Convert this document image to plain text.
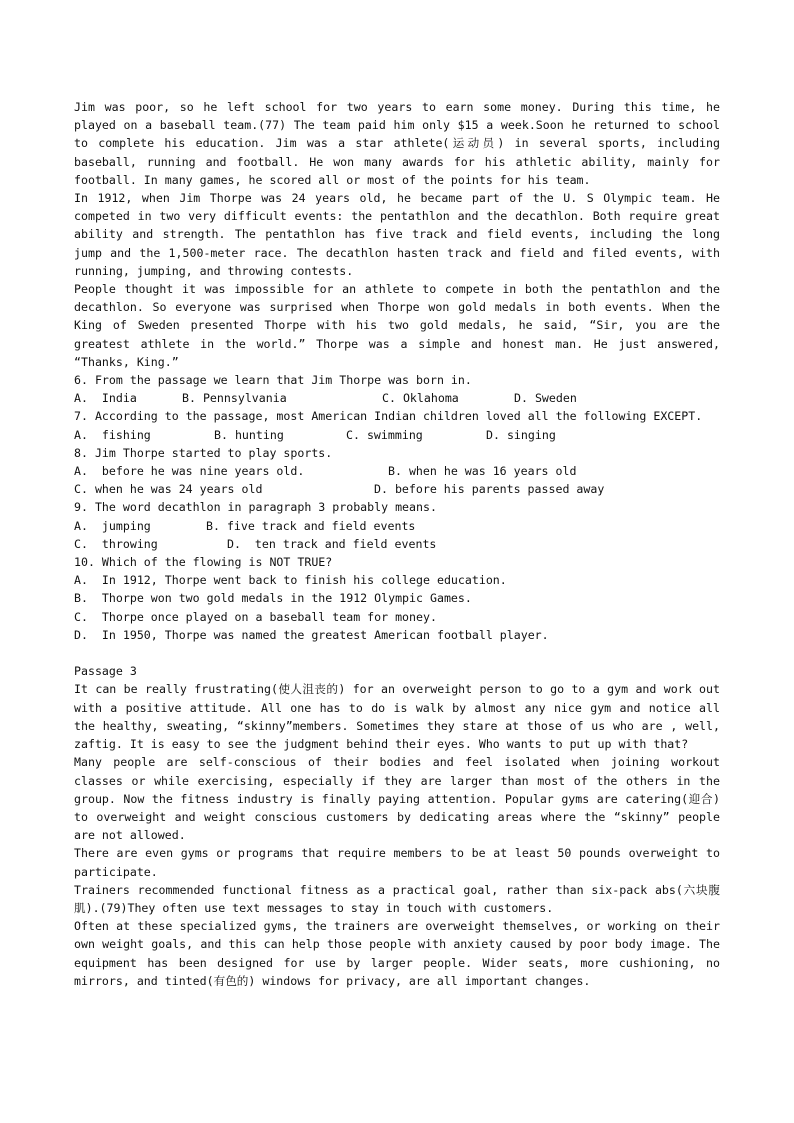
Jim was poor, so he left school for two years to earn some money. During this time, he played on a baseball team.(77) The team paid him only $15 a week.Soon he returned to school to complete his education. Jim was a star athlete(运动员) in several sports, including baseball, running and football. He won many awards for his athletic ability, mainly for football. In many games, he scored all or most of the points for his team.

In 1912, when Jim Thorpe was 24 years old, he became part of the U. S Olympic team. He competed in two very difficult events: the pentathlon and the decathlon. Both require great ability and strength. The pentathlon has five track and field events, including the long jump and the 1,500-meter race. The decathlon hasten track and field and filed events, with running, jumping, and throwing contests.

People thought it was impossible for an athlete to compete in both the pentathlon and the decathlon. So everyone was surprised when Thorpe won gold medals in both events. When the King of Sweden presented Thorpe with his two gold medals, he said, “Sir, you are the greatest athlete in the world.” Thorpe was a simple and honest man. He just answered, “Thanks, King.”

6. From the passage we learn that Jim Thorpe was born in.

A.  India	B. Pennsylvania	C. Oklahoma	D. Sweden

7. According to the passage, most American Indian children loved all the following EXCEPT.

A.  fishing	B. hunting	C. swimming	D. singing

8. Jim Thorpe started to play sports.

A.  before he was nine years old.	B. when he was 16 years old
C. when he was 24 years old	D. before his parents passed away

9. The word decathlon in paragraph 3 probably means.

A.  jumping	B. five track and field events
C.  throwing	D.  ten track and field events

10. Which of the flowing is NOT TRUE?

A.  In 1912, Thorpe went back to finish his college education.

B.  Thorpe won two gold medals in the 1912 Olympic Games.

C.  Thorpe once played on a baseball team for money.

D.  In 1950, Thorpe was named the greatest American football player.

Passage 3

It can be really frustrating(使人沮丧的) for an overweight person to go to a gym and work out with a positive attitude. All one has to do is walk by almost any nice gym and notice all the healthy, sweating, “skinny”members. Sometimes they stare at those of us who are , well, zaftig. It is easy to see the judgment behind their eyes. Who wants to put up with that?

Many people are self-conscious of their bodies and feel isolated when joining workout classes or while exercising, especially if they are larger than most of the others in the group. Now the fitness industry is finally paying attention. Popular gyms are catering(迎合) to overweight and weight conscious customers by dedicating areas where the “skinny” people are not allowed.

There are even gyms or programs that require members to be at least 50 pounds overweight to participate.

Trainers recommended functional fitness as a practical goal, rather than six-pack abs(六块腹肌).(79)They often use text messages to stay in touch with customers.

Often at these specialized gyms, the trainers are overweight themselves, or working on their own weight goals, and this can help those people with anxiety caused by poor body image. The equipment has been designed for use by larger people. Wider seats, more cushioning, no mirrors, and tinted(有色的) windows for privacy, are all important changes.
